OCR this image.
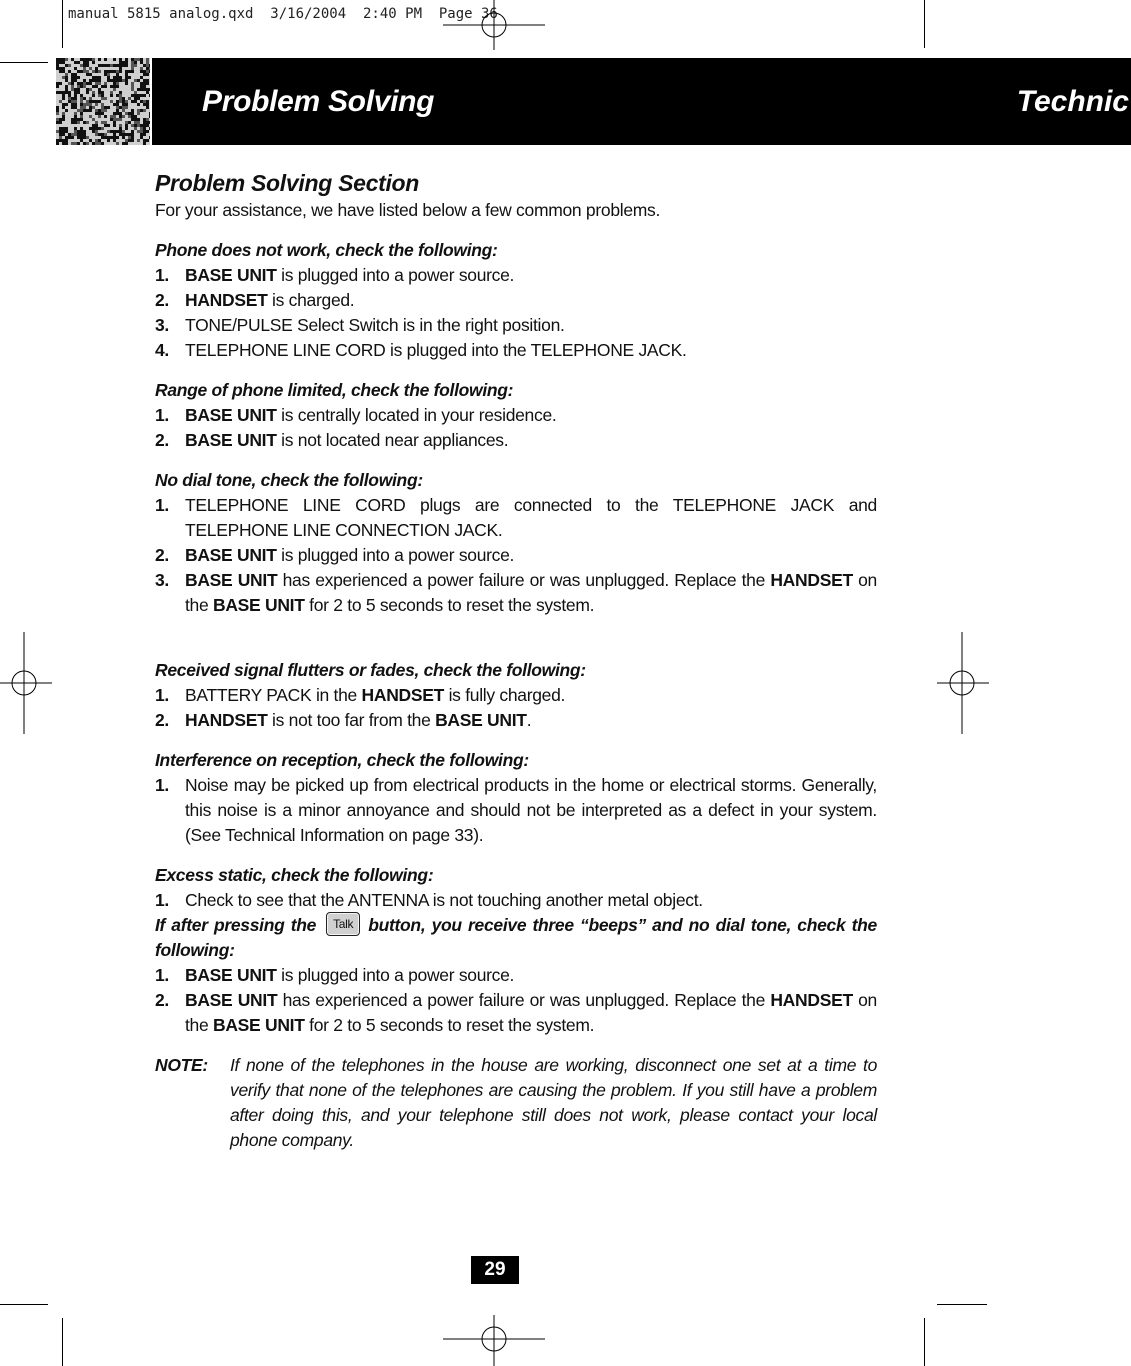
manual 5815 analog.qxd  3/16/2004  2:40 PM  Page 36
Problem Solving	Technic

Problem Solving Section

For your assistance, we have listed below a few common problems.

Phone does not work, check the following:

1. BASE UNIT is plugged into a power source.

2. HANDSET is charged.

3. TONE/PULSE Select Switch is in the right position.

4. TELEPHONE LINE CORD is plugged into the TELEPHONE JACK.

Range of phone limited, check the following:

1. BASE UNIT is centrally located in your residence.

2. BASE UNIT is not located near appliances.

No dial tone, check the following:

1. TELEPHONE LINE CORD plugs are connected to the TELEPHONE JACK and TELEPHONE LINE CONNECTION JACK.

2. BASE UNIT is plugged into a power source.

3. BASE UNIT has experienced a power failure or was unplugged. Replace the HANDSET on the BASE UNIT for 2 to 5 seconds to reset the system.

Received signal flutters or fades, check the following:

1. BATTERY PACK in the HANDSET is fully charged.

2. HANDSET is not too far from the BASE UNIT.

Interference on reception, check the following:

1. Noise may be picked up from electrical products in the home or electrical storms. Generally, this noise is a minor annoyance and should not be interpreted as a defect in your system. (See Technical Information on page 33).

Excess static, check the following:

1. Check to see that the ANTENNA is not touching another metal object.

If after pressing the Talk button, you receive three “beeps” and no dial tone, check the following:

1. BASE UNIT is plugged into a power source.

2. BASE UNIT has experienced a power failure or was unplugged. Replace the HANDSET on the BASE UNIT for 2 to 5 seconds to reset the system.

NOTE: If none of the telephones in the house are working, disconnect one set at a time to verify that none of the telephones are causing the problem. If you still have a problem after doing this, and your telephone still does not work, please contact your local phone company.
29
